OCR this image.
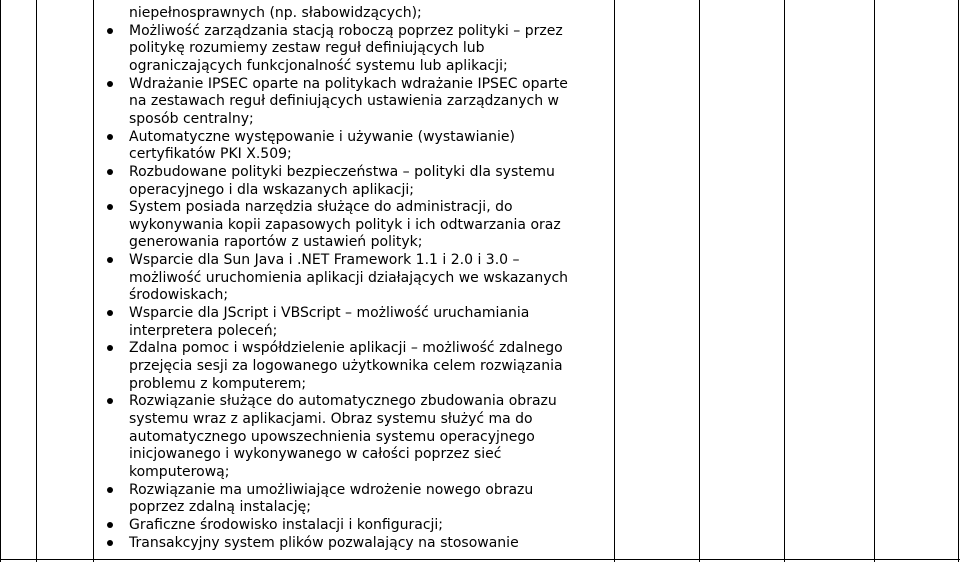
niepełnosprawnych (np. słabowidzących);
Możliwość zarządzania stacją roboczą poprzez polityki – przez
politykę rozumiemy zestaw reguł definiujących lub
ograniczających funkcjonalność systemu lub aplikacji;
Wdrażanie IPSEC oparte na politykach wdrażanie IPSEC oparte
na zestawach reguł definiujących ustawienia zarządzanych w
sposób centralny;
Automatyczne występowanie i używanie (wystawianie)
certyfikatów PKI X.509;
Rozbudowane polityki bezpieczeństwa – polityki dla systemu
operacyjnego i dla wskazanych aplikacji;
System posiada narzędzia służące do administracji, do
wykonywania kopii zapasowych polityk i ich odtwarzania oraz
generowania raportów z ustawień polityk;
Wsparcie dla Sun Java i .NET Framework 1.1 i 2.0 i 3.0 –
możliwość uruchomienia aplikacji działających we wskazanych
środowiskach;
Wsparcie dla JScript i VBScript – możliwość uruchamiania
interpretera poleceń;
Zdalna pomoc i współdzielenie aplikacji – możliwość zdalnego
przejęcia sesji za logowanego użytkownika celem rozwiązania
problemu z komputerem;
Rozwiązanie służące do automatycznego zbudowania obrazu
systemu wraz z aplikacjami. Obraz systemu służyć ma do
automatycznego upowszechnienia systemu operacyjnego
inicjowanego i wykonywanego w całości poprzez sieć
komputerową;
Rozwiązanie ma umożliwiające wdrożenie nowego obrazu
poprzez zdalną instalację;
Graficzne środowisko instalacji i konfiguracji;
Transakcyjny system plików pozwalający na stosowanie
